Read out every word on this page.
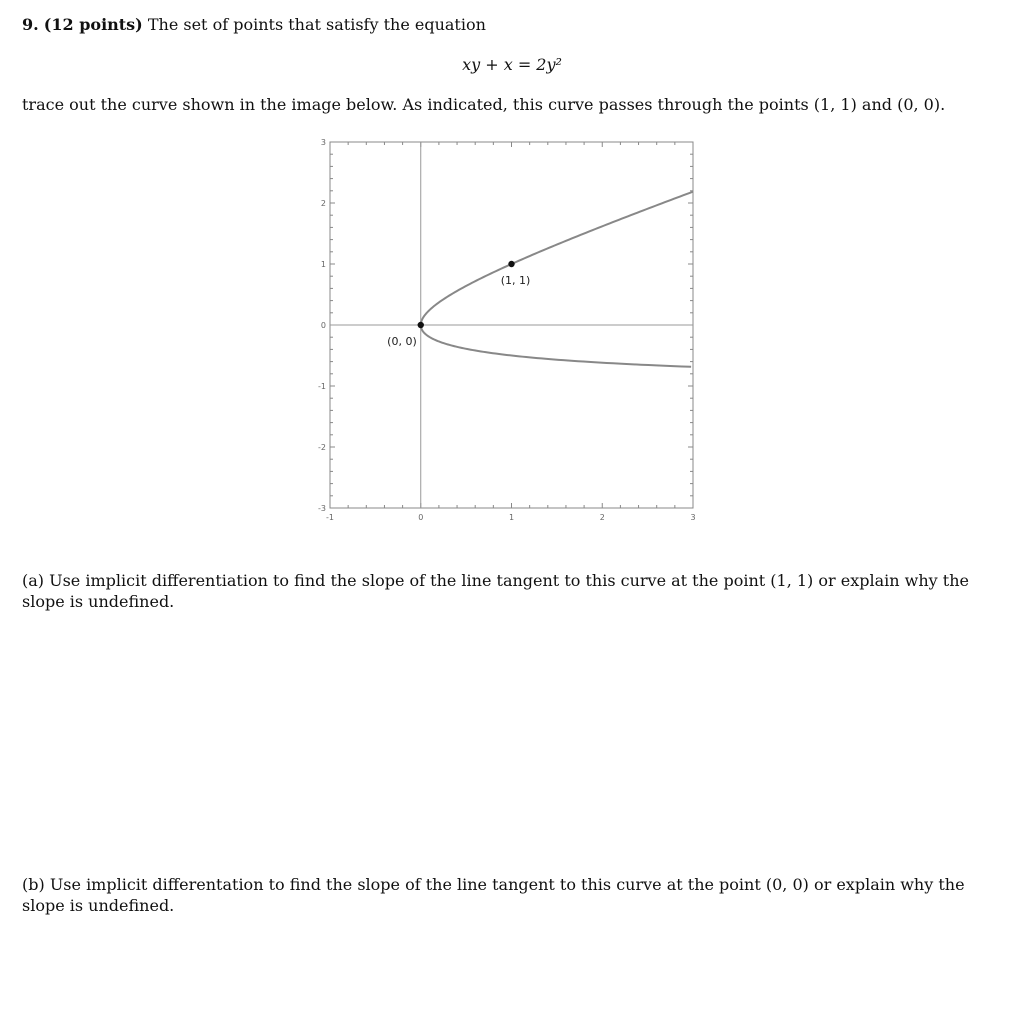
9. (12 points) The set of points that satisfy the equation
xy + x = 2y²
trace out the curve shown in the image below. As indicated, this curve passes through the points (1, 1) and (0, 0).
-1	0	1	2	3
3
2
1
0
-1
-2
-3
(1, 1)
(0, 0)
(a) Use implicit differentiation to find the slope of the line tangent to this curve at the point (1, 1) or explain why the slope is undefined.
(b) Use implicit differentation to find the slope of the line tangent to this curve at the point (0, 0) or explain why the slope is undefined.
